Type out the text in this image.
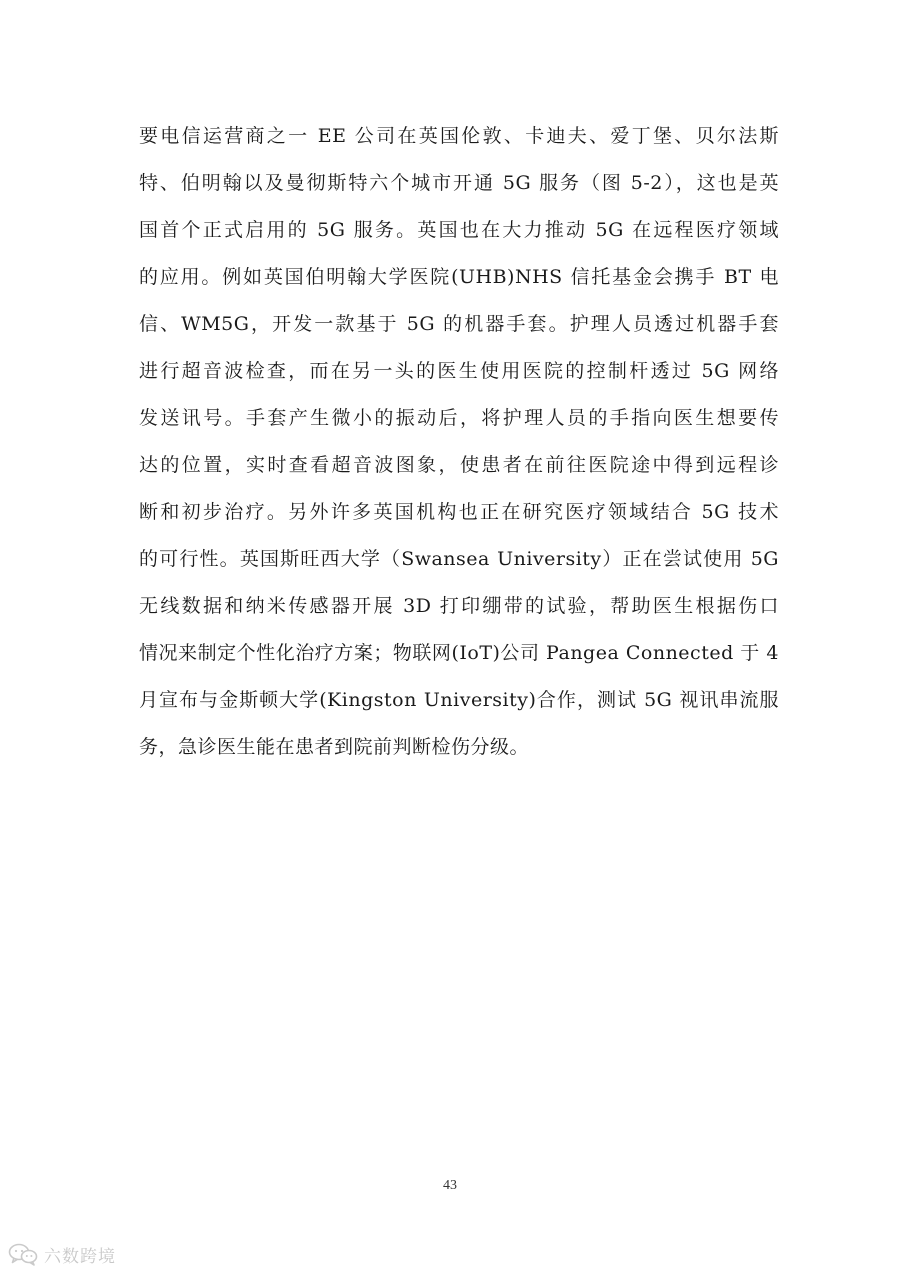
要电信运营商之一 EE 公司在英国伦敦、卡迪夫、爱丁堡、贝尔法斯
特、伯明翰以及曼彻斯特六个城市开通 5G 服务（图 5-2），这也是英
国首个正式启用的 5G 服务。英国也在大力推动 5G 在远程医疗领域
的应用。例如英国伯明翰大学医院(UHB)NHS 信托基金会携手 BT 电
信、WM5G，开发一款基于 5G 的机器手套。护理人员透过机器手套
进行超音波检查，而在另一头的医生使用医院的控制杆透过 5G 网络
发送讯号。手套产生微小的振动后，将护理人员的手指向医生想要传
达的位置，实时查看超音波图象，使患者在前往医院途中得到远程诊
断和初步治疗。另外许多英国机构也正在研究医疗领域结合 5G 技术
的可行性。英国斯旺西大学（Swansea University）正在尝试使用 5G
无线数据和纳米传感器开展 3D 打印绷带的试验，帮助医生根据伤口
情况来制定个性化治疗方案；物联网(IoT)公司 Pangea Connected 于 4
月宣布与金斯顿大学(Kingston University)合作，测试 5G 视讯串流服
务，急诊医生能在患者到院前判断检伤分级。
43
六数跨境
